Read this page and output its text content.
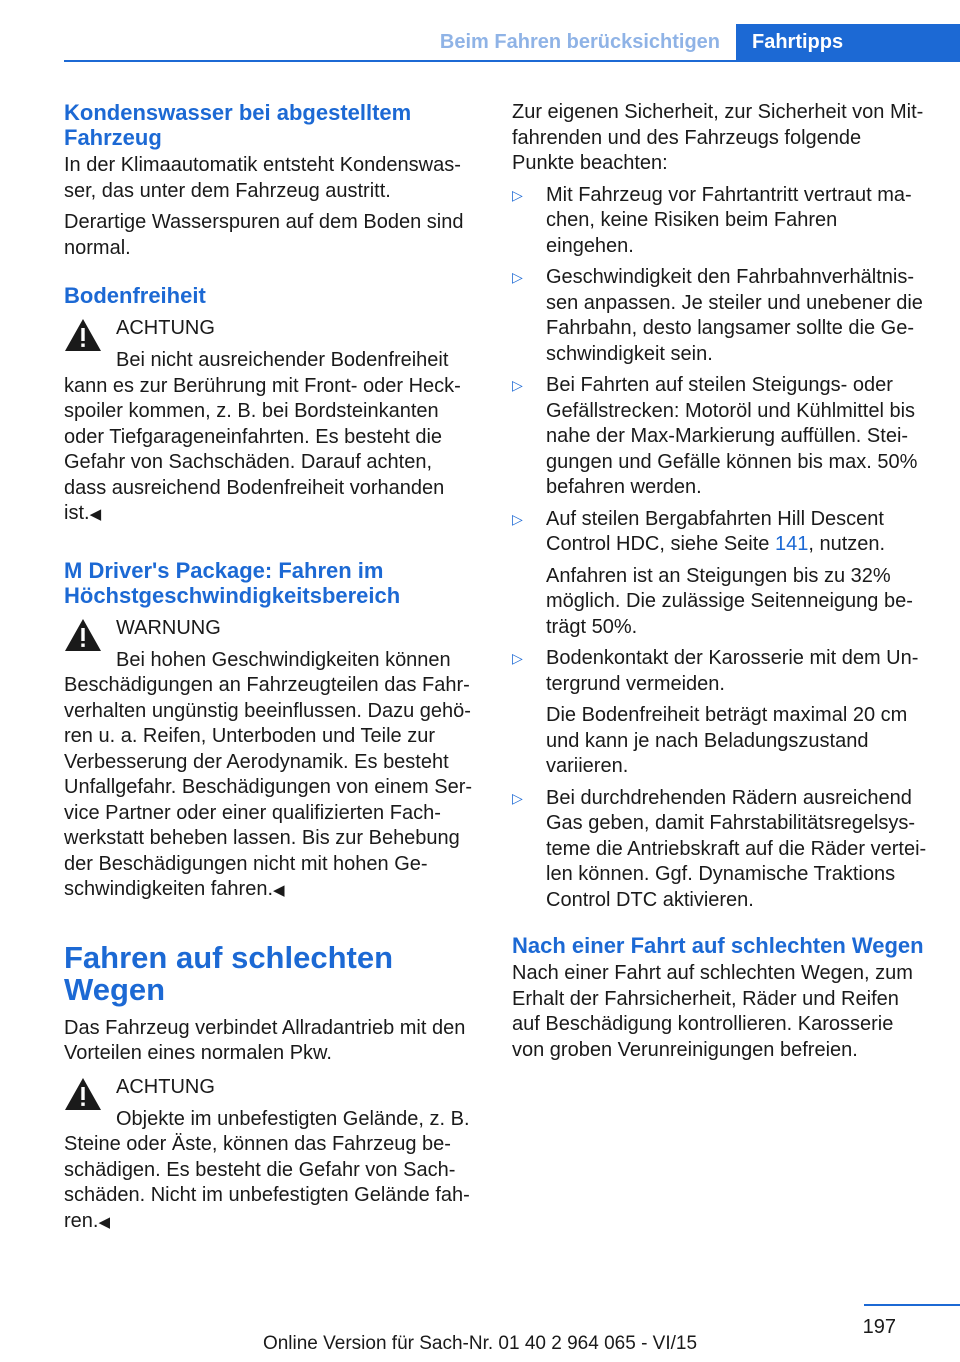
Beim Fahren berücksichtigen	Fahrtipps
Kondenswasser bei abgestelltem Fahrzeug

In der Klimaautomatik entsteht Kondenswasser, das unter dem Fahrzeug austritt.

Derartige Wasserspuren auf dem Boden sind normal.

Bodenfreiheit
ACHTUNG
Bei nicht ausreichender Bodenfreiheit kann es zur Berührung mit Front- oder Heckspoiler kommen, z. B. bei Bordsteinkanten oder Tiefgarageneinfahrten. Es besteht die Gefahr von Sachschäden. Darauf achten, dass ausreichend Bodenfreiheit vorhanden ist.◀
M Driver's Package: Fahren im Höchstgeschwindigkeitsbereich
WARNUNG
Bei hohen Geschwindigkeiten können Beschädigungen an Fahrzeugteilen das Fahrverhalten ungünstig beeinflussen. Dazu gehören u. a. Reifen, Unterboden und Teile zur Verbesserung der Aerodynamik. Es besteht Unfallgefahr. Beschädigungen von einem Service Partner oder einer qualifizierten Fachwerkstatt beheben lassen. Bis zur Behebung der Beschädigungen nicht mit hohen Geschwindigkeiten fahren.◀
Fahren auf schlechten Wegen

Das Fahrzeug verbindet Allradantrieb mit den Vorteilen eines normalen Pkw.

ACHTUNG
Objekte im unbefestigten Gelände, z. B. Steine oder Äste, können das Fahrzeug beschädigen. Es besteht die Gefahr von Sachschäden. Nicht im unbefestigten Gelände fahren.◀

Zur eigenen Sicherheit, zur Sicherheit von Mitfahrenden und des Fahrzeugs folgende Punkte beachten:

▷ Mit Fahrzeug vor Fahrtantritt vertraut machen, keine Risiken beim Fahren eingehen.
▷ Geschwindigkeit den Fahrbahnverhältnissen anpassen. Je steiler und unebener die Fahrbahn, desto langsamer sollte die Geschwindigkeit sein.
▷ Bei Fahrten auf steilen Steigungs- oder Gefällstrecken: Motoröl und Kühlmittel bis nahe der Max-Markierung auffüllen. Steigungen und Gefälle können bis max. 50% befahren werden.
▷ Auf steilen Bergabfahrten Hill Descent Control HDC, siehe Seite 141, nutzen.
Anfahren ist an Steigungen bis zu 32% möglich. Die zulässige Seitenneigung beträgt 50%.
▷ Bodenkontakt der Karosserie mit dem Untergrund vermeiden.
Die Bodenfreiheit beträgt maximal 20 cm und kann je nach Beladungszustand variieren.
▷ Bei durchdrehenden Rädern ausreichend Gas geben, damit Fahrstabilitätsregelsysteme die Antriebskraft auf die Räder verteilen können. Ggf. Dynamische Traktions Control DTC aktivieren.
Nach einer Fahrt auf schlechten Wegen

Nach einer Fahrt auf schlechten Wegen, zum Erhalt der Fahrsicherheit, Räder und Reifen auf Beschädigung kontrollieren. Karosserie von groben Verunreinigungen befreien.

197
Online Version für Sach-Nr. 01 40 2 964 065 - VI/15
